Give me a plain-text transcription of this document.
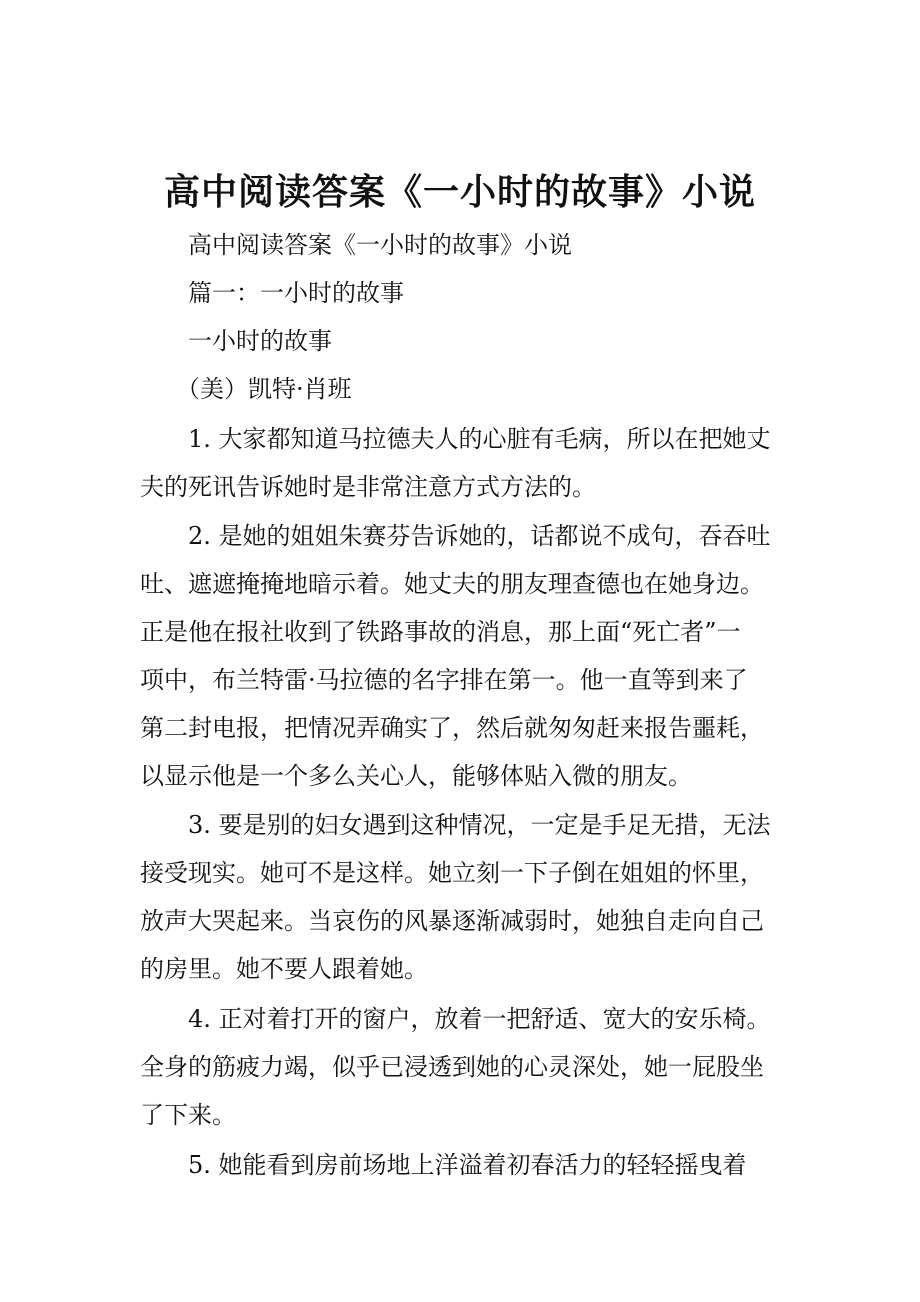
高中阅读答案《一小时的故事》小说
高中阅读答案《一小时的故事》小说
篇一：一小时的故事
一小时的故事
（美）凯特·肖班
1. 大家都知道马拉德夫人的心脏有毛病，所以在把她丈
夫的死讯告诉她时是非常注意方式方法的。
2. 是她的姐姐朱赛芬告诉她的，话都说不成句，吞吞吐
吐、遮遮掩掩地暗示着。她丈夫的朋友理查德也在她身边。
正是他在报社收到了铁路事故的消息，那上面“死亡者”一
项中，布兰特雷·马拉德的名字排在第一。他一直等到来了
第二封电报，把情况弄确实了，然后就匆匆赶来报告噩耗，
以显示他是一个多么关心人，能够体贴入微的朋友。
3. 要是别的妇女遇到这种情况，一定是手足无措，无法
接受现实。她可不是这样。她立刻一下子倒在姐姐的怀里，
放声大哭起来。当哀伤的风暴逐渐减弱时，她独自走向自己
的房里。她不要人跟着她。
4. 正对着打开的窗户，放着一把舒适、宽大的安乐椅。
全身的筋疲力竭，似乎已浸透到她的心灵深处，她一屁股坐
了下来。
5. 她能看到房前场地上洋溢着初春活力的轻轻摇曳着
